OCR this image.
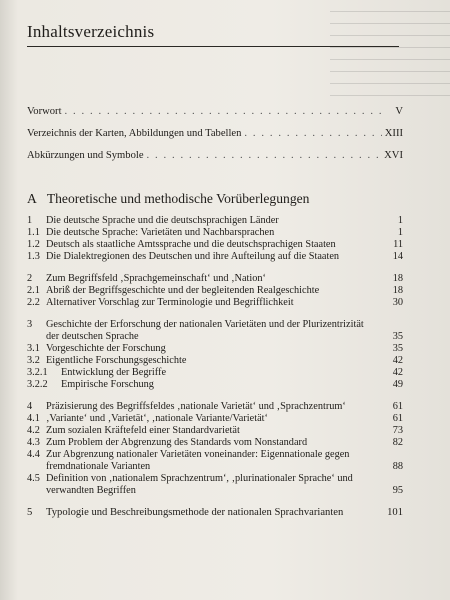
Inhaltsverzeichnis
Vorwort . . .	V
Verzeichnis der Karten, Abbildungen und Tabellen . . .	XIII
Abkürzungen und Symbole . . .	XVI
A Theoretische und methodische Vorüberlegungen
1	Die deutsche Sprache und die deutschsprachigen Länder	1
1.1 Die deutsche Sprache: Varietäten und Nachbarsprachen	1
1.2 Deutsch als staatliche Amtssprache und die deutschsprachigen Staaten	11
1.3 Die Dialektregionen des Deutschen und ihre Aufteilung auf die Staaten	14
2	Zum Begriffsfeld ‚Sprachgemeinschaft‘ und ‚Nation‘	18
2.1 Abriß der Begriffsgeschichte und der begleitenden Realgeschichte	18
2.2 Alternativer Vorschlag zur Terminologie und Begrifflichkeit	30
3	Geschichte der Erforschung der nationalen Varietäten und der Plurizentrizität der deutschen Sprache	35
3.1 Vorgeschichte der Forschung	35
3.2 Eigentliche Forschungsgeschichte	42
3.2.1	Entwicklung der Begriffe	42
3.2.2	Empirische Forschung	49
4	Präzisierung des Begriffsfeldes ‚nationale Varietät‘ und ‚Sprachzentrum‘	61
4.1 ‚Variante‘ und ‚Varietät‘, ‚nationale Variante/Varietät‘	61
4.2 Zum sozialen Kräftefeld einer Standardvarietät	73
4.3 Zum Problem der Abgrenzung des Standards vom Nonstandard	82
4.4 Zur Abgrenzung nationaler Varietäten voneinander: Eigennationale gegen fremdnationale Varianten	88
4.5 Definition von ‚nationalem Sprachzentrum‘, ‚plurinationaler Sprache‘ und verwandten Begriffen	95
5	Typologie und Beschreibungsmethode der nationalen Sprachvarianten	101
